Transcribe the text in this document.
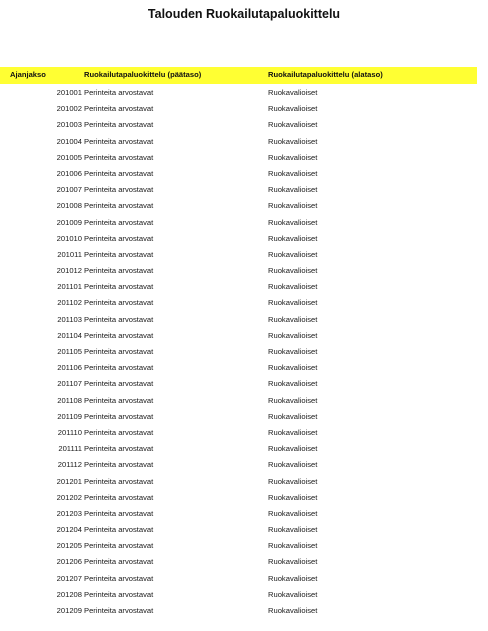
Talouden Ruokailutapaluokittelu
Ajanjakso	Ruokailutapaluokittelu (päätaso)	Ruokailutapaluokittelu (alataso)
201001 Perinteita arvostavat	Ruokavalioiset
201002 Perinteita arvostavat	Ruokavalioiset
201003 Perinteita arvostavat	Ruokavalioiset
201004 Perinteita arvostavat	Ruokavalioiset
201005 Perinteita arvostavat	Ruokavalioiset
201006 Perinteita arvostavat	Ruokavalioiset
201007 Perinteita arvostavat	Ruokavalioiset
201008 Perinteita arvostavat	Ruokavalioiset
201009 Perinteita arvostavat	Ruokavalioiset
201010 Perinteita arvostavat	Ruokavalioiset
201011 Perinteita arvostavat	Ruokavalioiset
201012 Perinteita arvostavat	Ruokavalioiset
201101 Perinteita arvostavat	Ruokavalioiset
201102 Perinteita arvostavat	Ruokavalioiset
201103 Perinteita arvostavat	Ruokavalioiset
201104 Perinteita arvostavat	Ruokavalioiset
201105 Perinteita arvostavat	Ruokavalioiset
201106 Perinteita arvostavat	Ruokavalioiset
201107 Perinteita arvostavat	Ruokavalioiset
201108 Perinteita arvostavat	Ruokavalioiset
201109 Perinteita arvostavat	Ruokavalioiset
201110 Perinteita arvostavat	Ruokavalioiset
201111 Perinteita arvostavat	Ruokavalioiset
201112 Perinteita arvostavat	Ruokavalioiset
201201 Perinteita arvostavat	Ruokavalioiset
201202 Perinteita arvostavat	Ruokavalioiset
201203 Perinteita arvostavat	Ruokavalioiset
201204 Perinteita arvostavat	Ruokavalioiset
201205 Perinteita arvostavat	Ruokavalioiset
201206 Perinteita arvostavat	Ruokavalioiset
201207 Perinteita arvostavat	Ruokavalioiset
201208 Perinteita arvostavat	Ruokavalioiset
201209 Perinteita arvostavat	Ruokavalioiset
